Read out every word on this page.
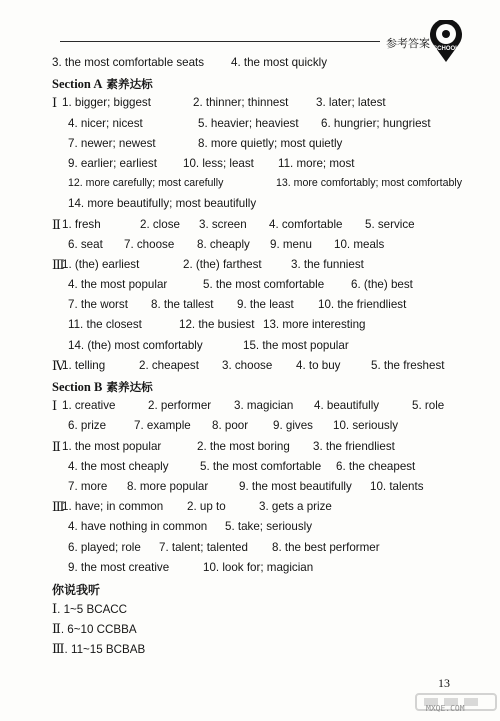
参考答案 SCHOOL
3. the most comfortable seats 4. the most quickly
Section A 素养达标
Ⅰ 1. bigger; biggest	2. thinner; thinnest 3. later; latest
4. nicer; nicest	5. heavier; heaviest 6. hungrier; hungriest
7. newer; newest	8. more quietly; most quietly
9. earlier; earliest 10. less; least 11. more; most
12. more carefully; most carefully	13. more comfortably; most comfortably
14. more beautifully; most beautifully
Ⅱ 1. fresh	2. close 3. screen 4. comfortable 5. service
6. seat 7. choose 8. cheaply 9. menu 10. meals
Ⅲ
1. (the) earliest	2. (the) farthest	3. the funniest
4. the most popular	5. the most comfortable 6. (the) best
7. the worst 8. the tallest 9. the least 10. the friendliest
11. the closest	12. the busiest 13. more interesting
14. (the) most comfortably	15. the most popular
Ⅳ
1. telling	2. cheapest 3. choose 4. to buy	5. the freshest
Section B 素养达标
Ⅰ 1. creative	2. performer 3. magician 4. beautifully	5. role
6. prize 7. example 8. poor 9. gives 10. seriously
Ⅱ 1. the most popular	2. the most boring 3. the friendliest
4. the most cheaply	5. the most comfortable 6. the cheapest
7. more 8. more popular	9. the most beautifully 10. talents
Ⅲ
1. have; in common 2. up to	3. gets a prize
4. have nothing in common 5. take; seriously
6. played; role 7. talent; talented 8. the best performer
9. the most creative	10. look for; magician
你说我听
Ⅰ. 1~5 BCACC
Ⅱ. 6~10 CCBBA
Ⅲ. 11~15 BCBAB
13
MXQE.COM
